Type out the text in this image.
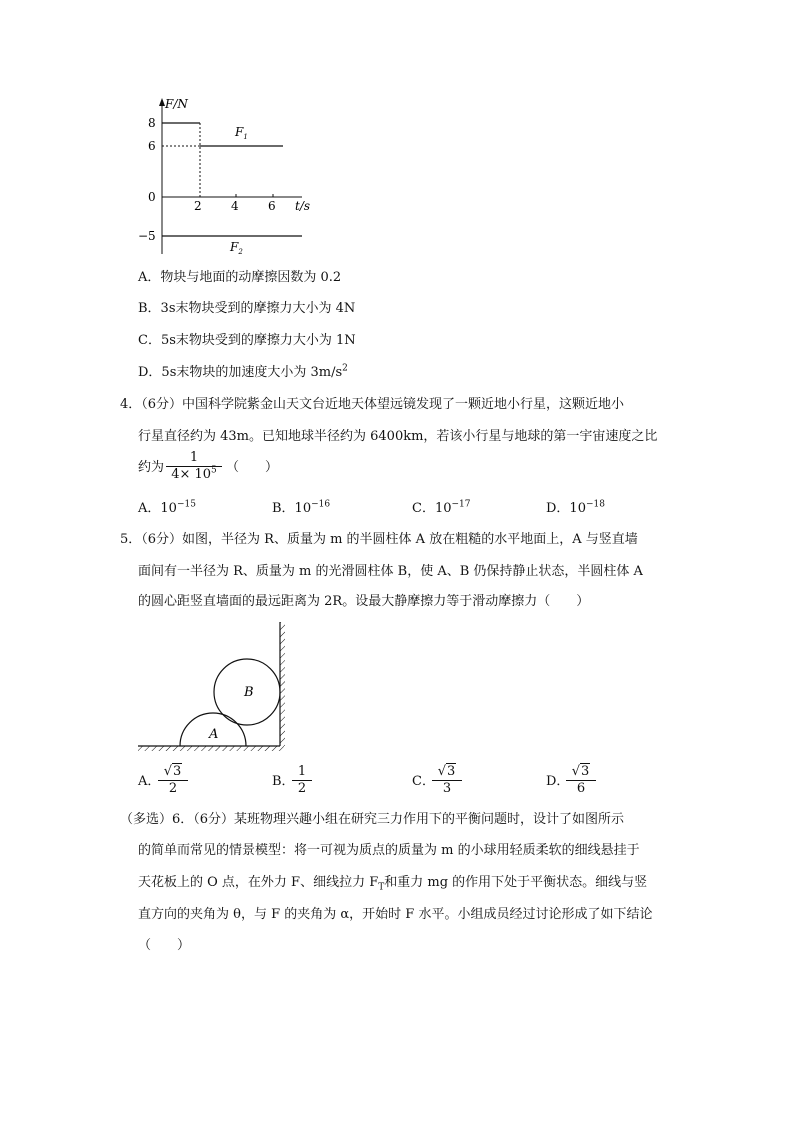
F/N
t/s
8
6
0
−5
2 4 6
$F_1$
$F_2$
A．物块与地面的动摩擦因数为 0.2
B．3s末物块受到的摩擦力大小为 4N
C．5s末物块受到的摩擦力大小为 1N
D．5s末物块的加速度大小为 $3m/s^2$
4．（6分）中国科学院紫金山天文台近地天体望远镜发现了一颗近地小行星，这颗近地小
行星直径约为 43m。已知地球半径约为 6400km，若该小行星与地球的第一宇宙速度之比
约为 $\frac{1}{4\times 10^5}$ （　　）
A．$10^{-15}$	B．$10^{-16}$	C．$10^{-17}$	D．$10^{-18}$
5．（6分）如图，半径为 R、质量为 m 的半圆柱体 A 放在粗糙的水平地面上，A 与竖直墙
面间有一半径为 R、质量为 m 的光滑圆柱体 B，使 A、B 仍保持静止状态，半圆柱体 A
的圆心距竖直墙面的最远距离为 2R。设最大静摩擦力等于滑动摩擦力（　　）
A
B
A．
$\frac{√3}{2}$	B．
$\frac{1}{2}$	C．
$\frac{√3}{3}$	D．
$\frac{√3}{6}$
（多选）6．（6分）某班物理兴趣小组在研究三力作用下的平衡问题时，设计了如图所示
的简单而常见的情景模型：将一可视为质点的质量为 m 的小球用轻质柔软的细线悬挂于
天花板上的 O 点，在外力 F、细线拉力 $F_T$和重力 mg 的作用下处于平衡状态。细线与竖
直方向的夹角为 θ，与 F 的夹角为 α，开始时 F 水平。小组成员经过讨论形成了如下结论
（　　）
